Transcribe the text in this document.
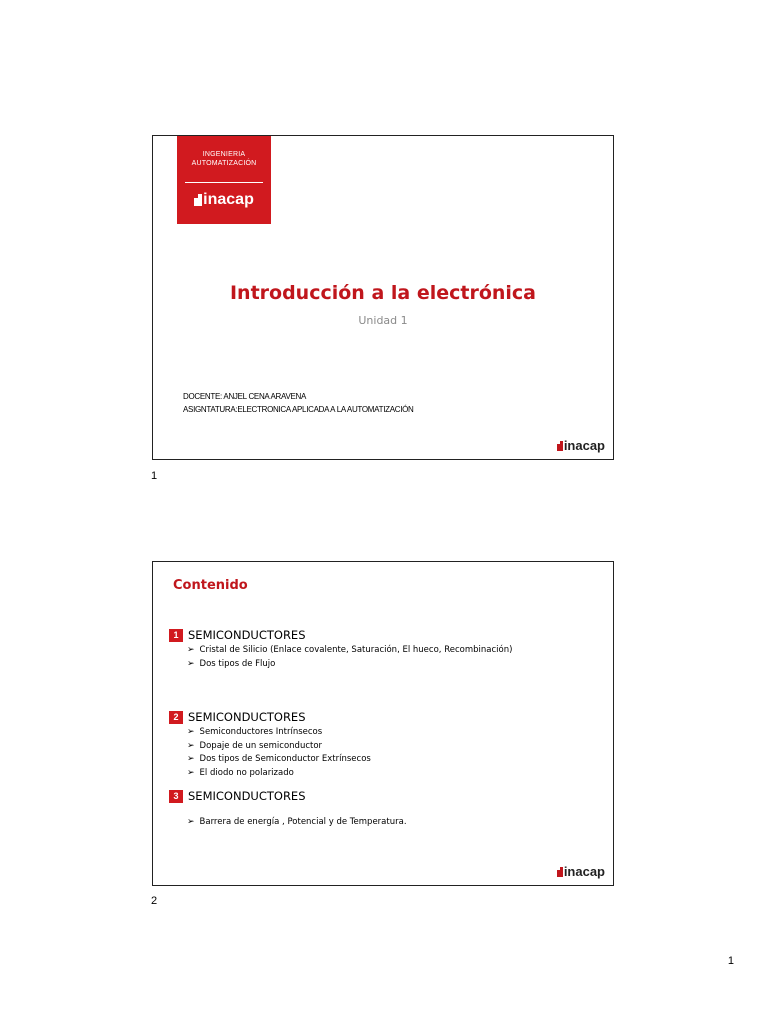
INGENIERIA
AUTOMATIZACIÓN
inacap
Introducción a la electrónica
Unidad 1
DOCENTE: ANJEL CENA ARAVENA
ASIGNTATURA:ELECTRONICA APLICADA A LA AUTOMATIZACIÓN
inacap
1
Contenido
1 SEMICONDUCTORES
➢ Cristal de Silicio (Enlace covalente, Saturación, El hueco, Recombinación)
➢ Dos tipos de Flujo
2 SEMICONDUCTORES
➢ Semiconductores Intrínsecos
➢ Dopaje de un semiconductor
➢ Dos tipos de Semiconductor Extrínsecos
➢ El diodo no polarizado
3 SEMICONDUCTORES
➢ Barrera de energía , Potencial y de Temperatura.
inacap
2
1
